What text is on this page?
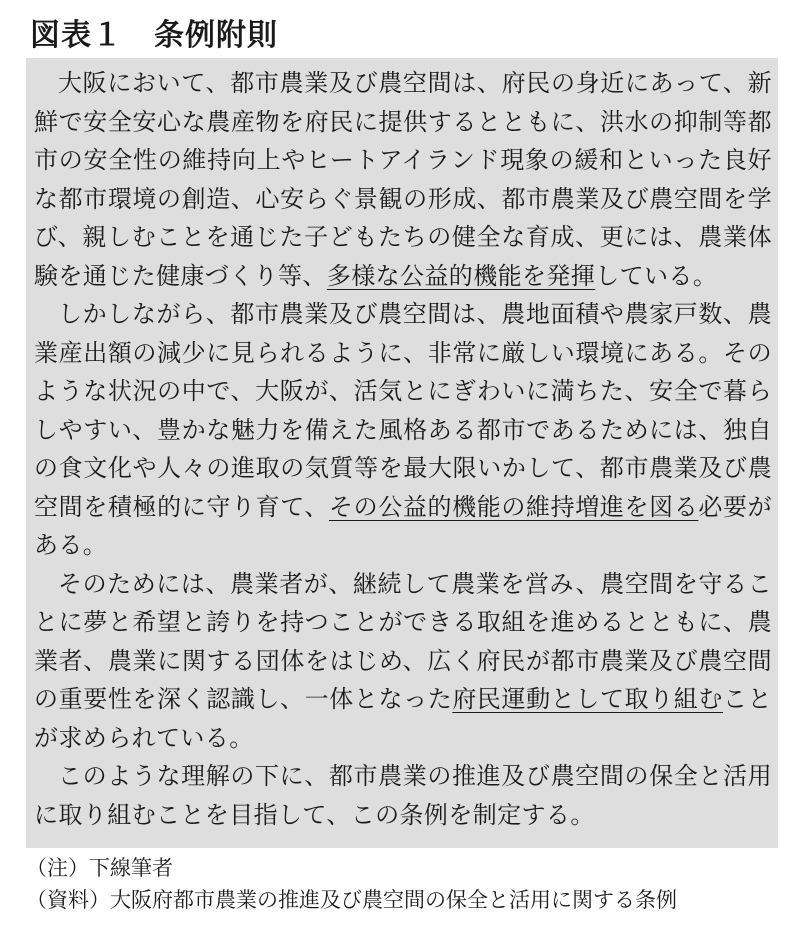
図表１　条例附則

大阪において、都市農業及び農空間は、府民の身近にあって、新鮮で安全安心な農産物を府民に提供するとともに、洪水の抑制等都市の安全性の維持向上やヒートアイランド現象の緩和といった良好な都市環境の創造、心安らぐ景観の形成、都市農業及び農空間を学び、親しむことを通じた子どもたちの健全な育成、更には、農業体験を通じた健康づくり等、多様な公益的機能を発揮している。

しかしながら、都市農業及び農空間は、農地面積や農家戸数、農業産出額の減少に見られるように、非常に厳しい環境にある。そのような状況の中で、大阪が、活気とにぎわいに満ちた、安全で暮らしやすい、豊かな魅力を備えた風格ある都市であるためには、独自の食文化や人々の進取の気質等を最大限いかして、都市農業及び農空間を積極的に守り育て、その公益的機能の維持増進を図る必要がある。

そのためには、農業者が、継続して農業を営み、農空間を守ることに夢と希望と誇りを持つことができる取組を進めるとともに、農業者、農業に関する団体をはじめ、広く府民が都市農業及び農空間の重要性を深く認識し、一体となった府民運動として取り組むことが求められている。

このような理解の下に、都市農業の推進及び農空間の保全と活用に取り組むことを目指して、この条例を制定する。

（注）下線筆者
（資料）大阪府都市農業の推進及び農空間の保全と活用に関する条例
